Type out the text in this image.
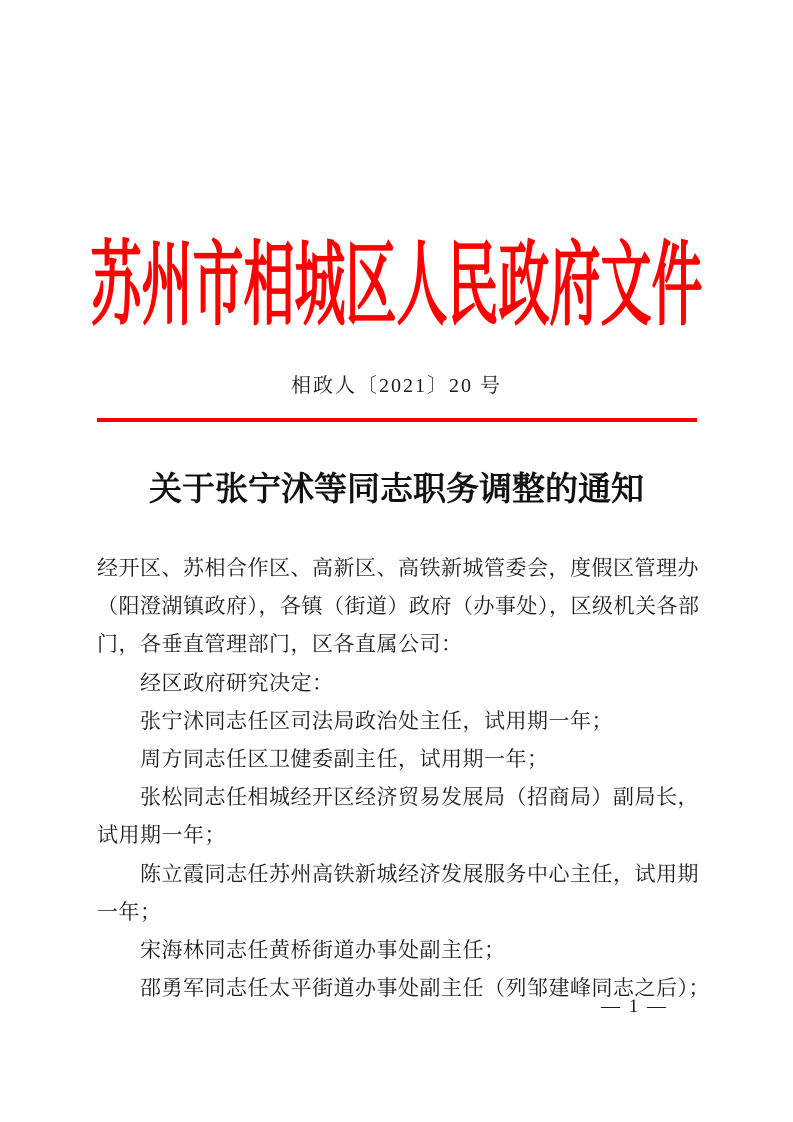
苏州市相城区人民政府文件
相政人〔2021〕20 号
关于张宁沭等同志职务调整的通知
经开区、苏相合作区、高新区、高铁新城管委会，度假区管理办
（阳澄湖镇政府），各镇（街道）政府（办事处），区级机关各部
门，各垂直管理部门，区各直属公司：
经区政府研究决定：
张宁沭同志任区司法局政治处主任，试用期一年；
周方同志任区卫健委副主任，试用期一年；
张松同志任相城经开区经济贸易发展局（招商局）副局长，
试用期一年；
陈立霞同志任苏州高铁新城经济发展服务中心主任，试用期
一年；
宋海林同志任黄桥街道办事处副主任；
邵勇军同志任太平街道办事处副主任（列邹建峰同志之后）；
— 1 —
